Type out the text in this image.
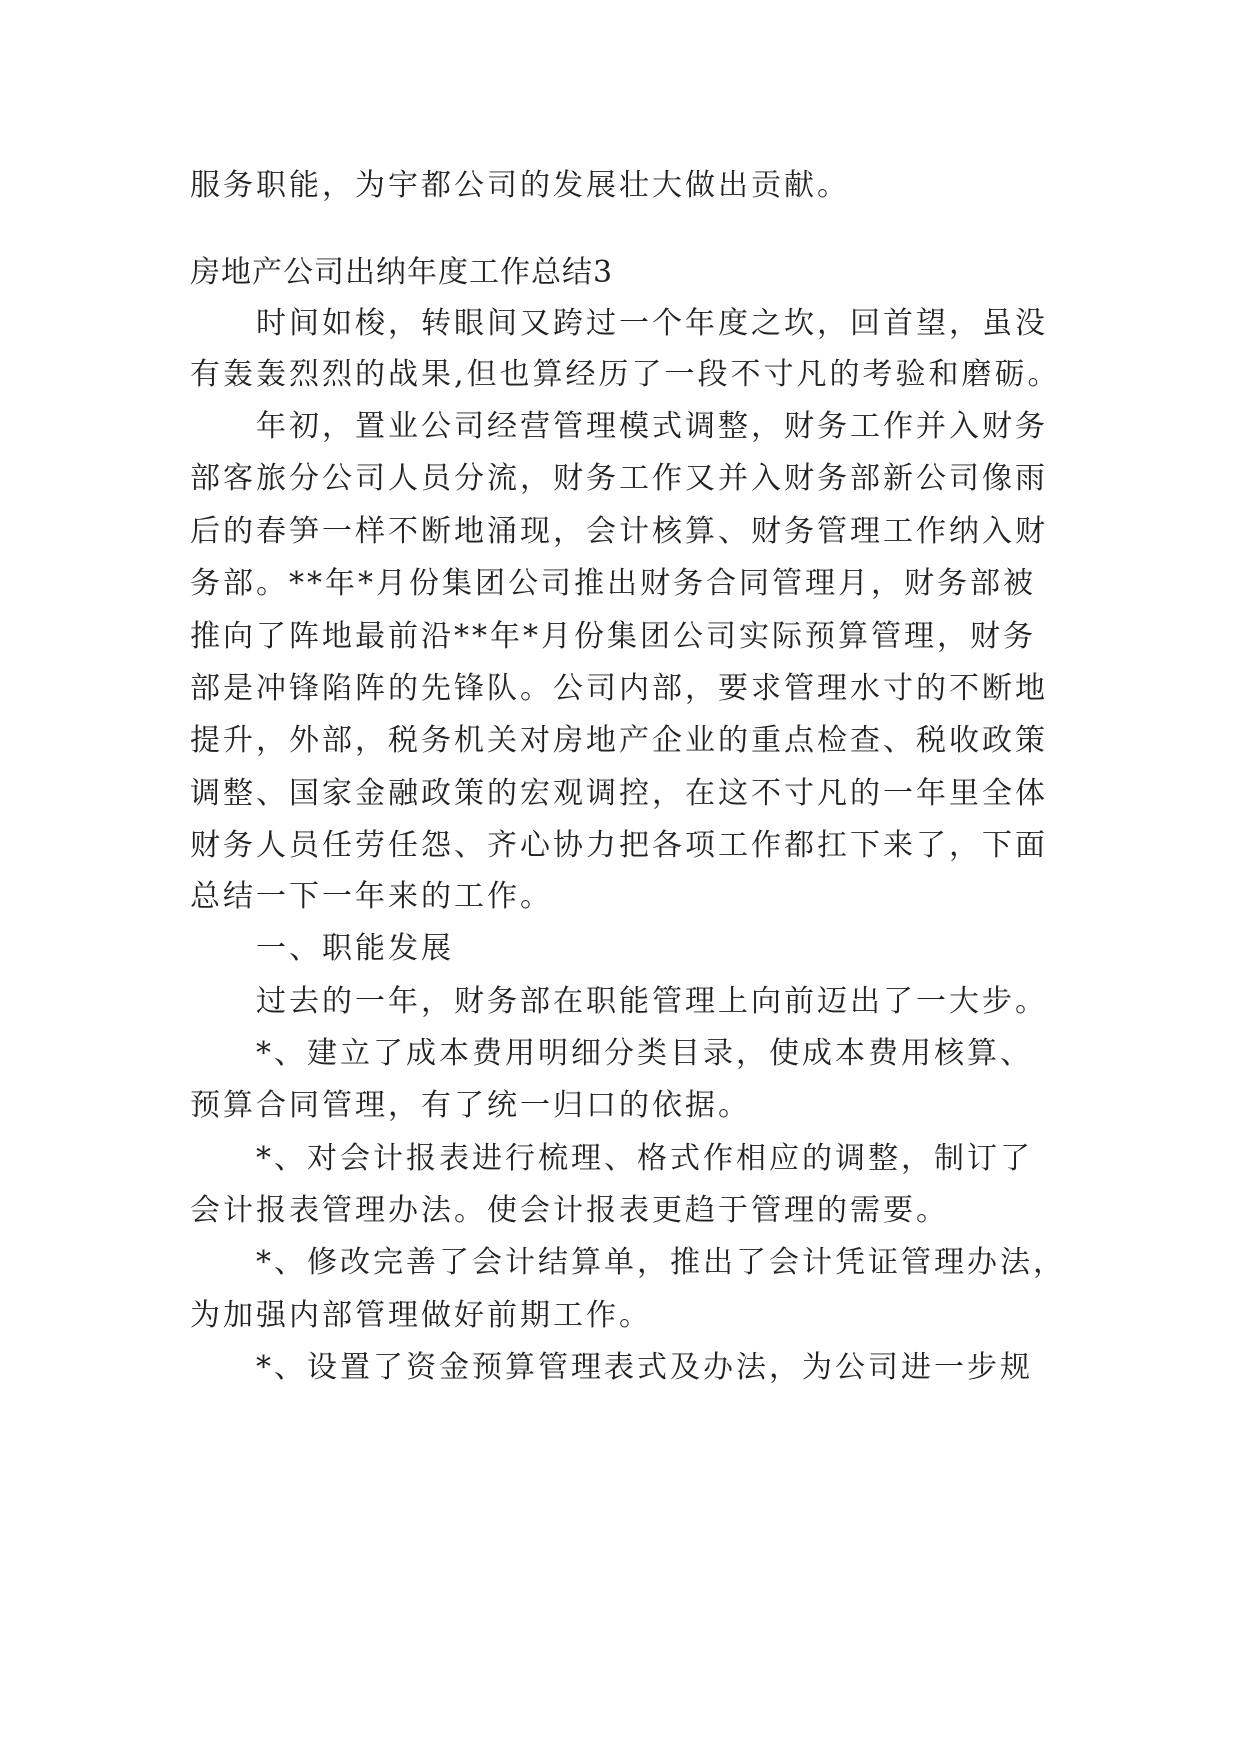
服务职能，为宇都公司的发展壮大做出贡献。
房地产公司出纳年度工作总结3
时间如梭，转眼间又跨过一个年度之坎，回首望，虽没
有轰轰烈烈的战果,但也算经历了一段不寸凡的考验和磨砺。
年初，置业公司经营管理模式调整，财务工作并入财务
部客旅分公司人员分流，财务工作又并入财务部新公司像雨
后的春笋一样不断地涌现，会计核算、财务管理工作纳入财
务部。**年*月份集团公司推出财务合同管理月，财务部被
推向了阵地最前沿**年*月份集团公司实际预算管理，财务
部是冲锋陷阵的先锋队。公司内部，要求管理水寸的不断地
提升，外部，税务机关对房地产企业的重点检查、税收政策
调整、国家金融政策的宏观调控，在这不寸凡的一年里全体
财务人员任劳任怨、齐心协力把各项工作都扛下来了，下面
总结一下一年来的工作。
一、职能发展
过去的一年，财务部在职能管理上向前迈出了一大步。
*、建立了成本费用明细分类目录，使成本费用核算、
预算合同管理，有了统一归口的依据。
*、对会计报表进行梳理、格式作相应的调整，制订了
会计报表管理办法。使会计报表更趋于管理的需要。
*、修改完善了会计结算单，推出了会计凭证管理办法，
为加强内部管理做好前期工作。
*、设置了资金预算管理表式及办法，为公司进一步规
